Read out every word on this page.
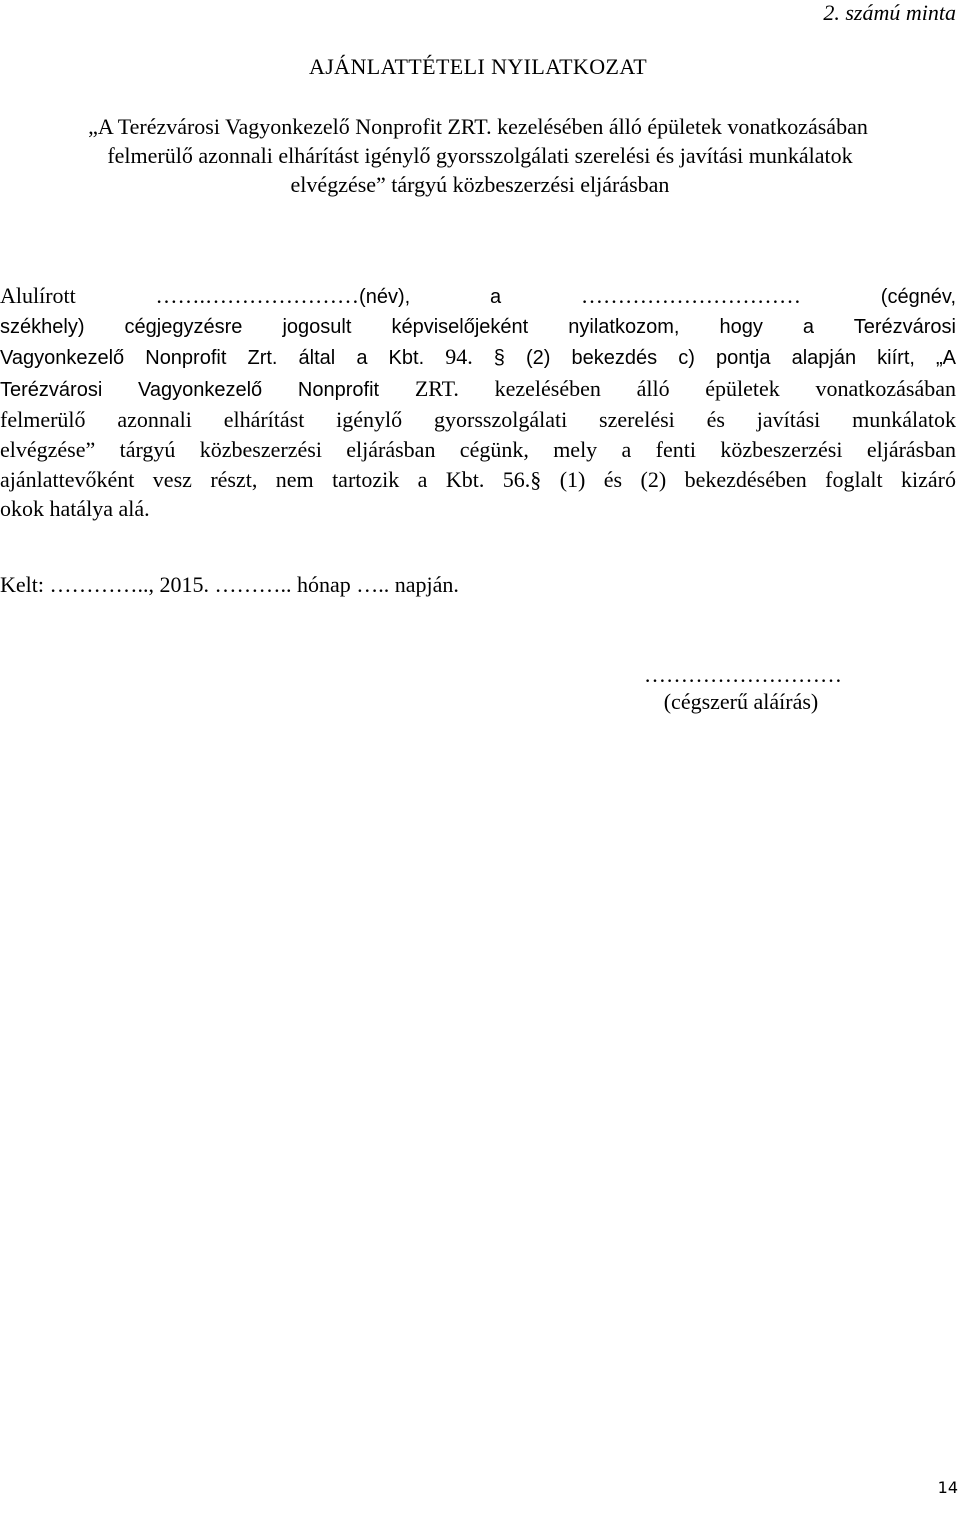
2. számú minta
AJÁNLATTÉTELI NYILATKOZAT
„A Terézvárosi Vagyonkezelő Nonprofit ZRT. kezelésében álló épületek vonatkozásában
felmerülő azonnali elhárítást igénylő gyorsszolgálati szerelési és javítási munkálatok
elvégzése” tárgyú közbeszerzési eljárásban
Alulírott …….…………………(név), a ………………………… (cégnév,
székhely) cégjegyzésre jogosult képviselőjeként nyilatkozom, hogy a Terézvárosi
Vagyonkezelő Nonprofit Zrt. által a Kbt. 94. § (2) bekezdés c) pontja alapján kiírt, „A
Terézvárosi Vagyonkezelő Nonprofit ZRT. kezelésében álló épületek vonatkozásában
felmerülő azonnali elhárítást igénylő gyorsszolgálati szerelési és javítási munkálatok
elvégzése” tárgyú közbeszerzési eljárásban cégünk, mely a fenti közbeszerzési eljárásban
ajánlattevőként vesz részt, nem tartozik a Kbt. 56.§ (1) és (2) bekezdésében foglalt kizáró
okok hatálya alá.
Kelt: ………….., 2015. ……….. hónap ….. napján.
………………………
(cégszerű aláírás)
14
